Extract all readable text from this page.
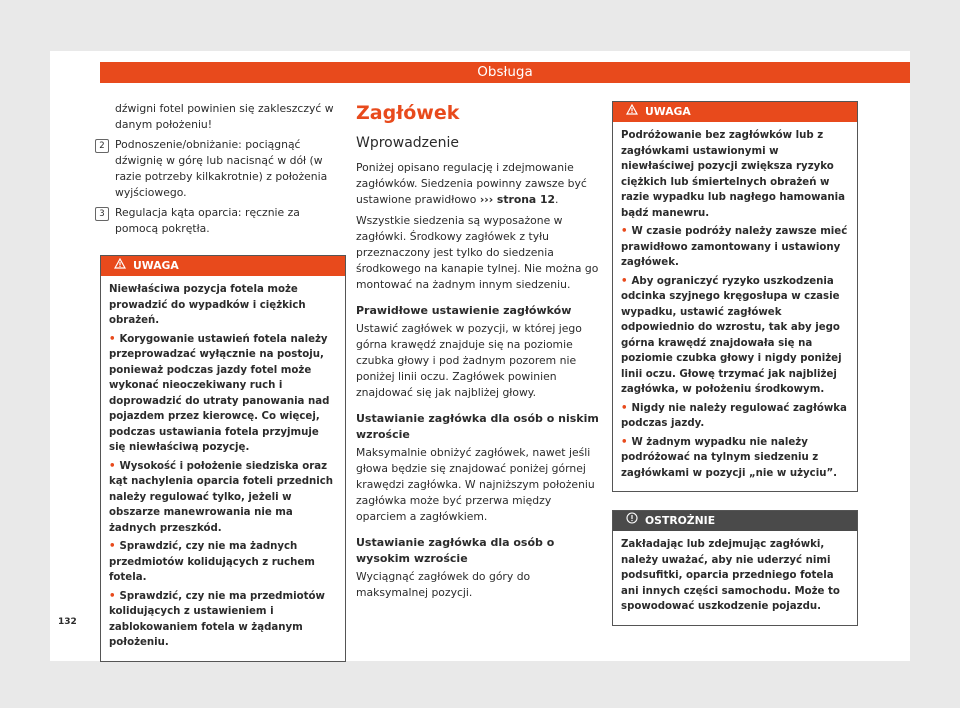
Obsługa

dźwigni fotel powinien się zakleszczyć w danym położeniu!

2 Podnoszenie/obniżanie: pociągnąć dźwignię w górę lub nacisnąć w dół (w razie potrzeby kilkakrotnie) z położenia wyjściowego.
3 Regulacja kąta oparcia: ręcznie za pomocą pokrętła.
UWAGA

Niewłaściwa pozycja fotela może prowadzić do wypadków i ciężkich obrażeń.

• Korygowanie ustawień fotela należy przeprowadzać wyłącznie na postoju, ponieważ podczas jazdy fotel może wykonać nieoczekiwany ruch i doprowadzić do utraty panowania nad pojazdem przez kierowcę. Co więcej, podczas ustawiania fotela przyjmuje się niewłaściwą pozycję.

• Wysokość i położenie siedziska oraz kąt nachylenia oparcia foteli przednich należy regulować tylko, jeżeli w obszarze manewrowania nie ma żadnych przeszkód.

• Sprawdzić, czy nie ma żadnych przedmiotów kolidujących z ruchem fotela.

• Sprawdzić, czy nie ma przedmiotów kolidujących z ustawieniem i zablokowaniem fotela w żądanym położeniu.

Zagłówek
Wprowadzenie

Poniżej opisano regulację i zdejmowanie zagłówków. Siedzenia powinny zawsze być ustawione prawidłowo ››› strona 12.

Wszystkie siedzenia są wyposażone w zagłówki. Środkowy zagłówek z tyłu przeznaczony jest tylko do siedzenia środkowego na kanapie tylnej. Nie można go montować na żadnym innym siedzeniu.

Prawidłowe ustawienie zagłówków

Ustawić zagłówek w pozycji, w której jego górna krawędź znajduje się na poziomie czubka głowy i pod żadnym pozorem nie poniżej linii oczu. Zagłówek powinien znajdować się jak najbliżej głowy.

Ustawianie zagłówka dla osób o niskim wzroście

Maksymalnie obniżyć zagłówek, nawet jeśli głowa będzie się znajdować poniżej górnej krawędzi zagłówka. W najniższym położeniu zagłówka może być przerwa między oparciem a zagłówkiem.

Ustawianie zagłówka dla osób o wysokim wzroście

Wyciągnąć zagłówek do góry do maksymalnej pozycji.

UWAGA

Podróżowanie bez zagłówków lub z zagłówkami ustawionymi w niewłaściwej pozycji zwiększa ryzyko ciężkich lub śmiertelnych obrażeń w razie wypadku lub nagłego hamowania bądź manewru.

• W czasie podróży należy zawsze mieć prawidłowo zamontowany i ustawiony zagłówek.

• Aby ograniczyć ryzyko uszkodzenia odcinka szyjnego kręgosłupa w czasie wypadku, ustawić zagłówek odpowiednio do wzrostu, tak aby jego górna krawędź znajdowała się na poziomie czubka głowy i nigdy poniżej linii oczu. Głowę trzymać jak najbliżej zagłówka, w położeniu środkowym.

• Nigdy nie należy regulować zagłówka podczas jazdy.

• W żadnym wypadku nie należy podróżować na tylnym siedzeniu z zagłówkami w pozycji „nie w użyciu”.

OSTROŻNIE

Zakładając lub zdejmując zagłówki, należy uważać, aby nie uderzyć nimi podsufitki, oparcia przedniego fotela ani innych części samochodu. Może to spowodować uszkodzenie pojazdu.

132
